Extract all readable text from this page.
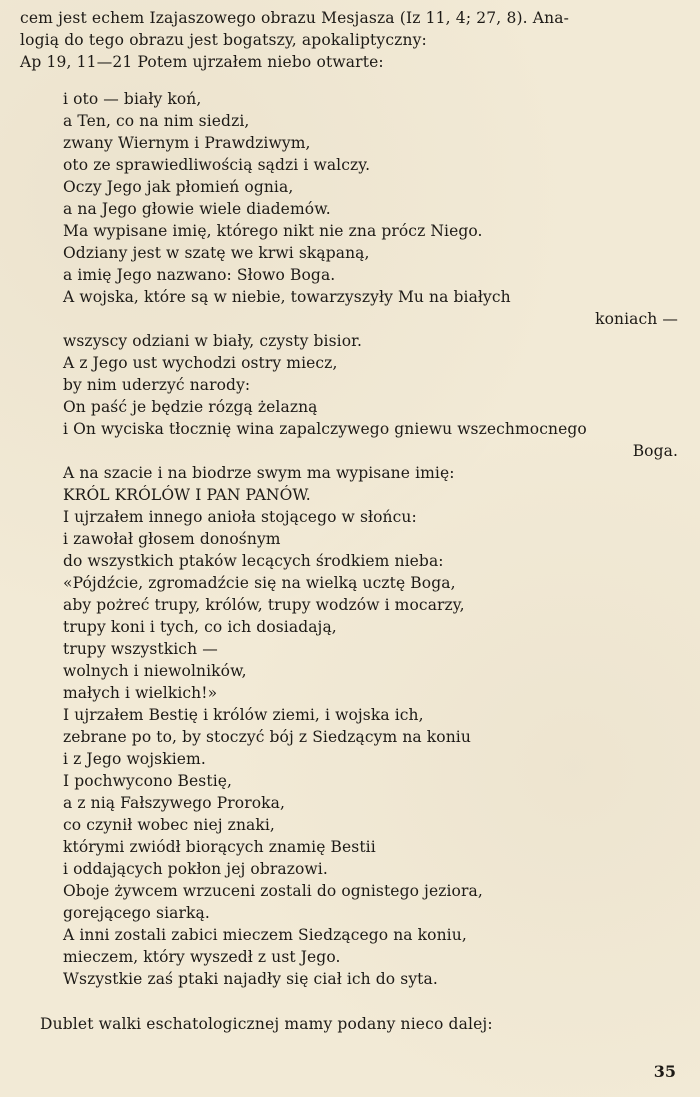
cem jest echem Izajaszowego obrazu Mesjasza (Iz 11, 4; 27, 8). Ana-
logią do tego obrazu jest bogatszy, apokaliptyczny:
Ap 19, 11—21 Potem ujrzałem niebo otwarte:
i oto — biały koń,
a Ten, co na nim siedzi,
zwany Wiernym i Prawdziwym,
oto ze sprawiedliwością sądzi i walczy.
Oczy Jego jak płomień ognia,
a na Jego głowie wiele diademów.
Ma wypisane imię, którego nikt nie zna prócz Niego.
Odziany jest w szatę we krwi skąpaną,
a imię Jego nazwano: Słowo Boga.
A wojska, które są w niebie, towarzyszyły Mu na białych
koniach —
wszyscy odziani w biały, czysty bisior.
A z Jego ust wychodzi ostry miecz,
by nim uderzyć narody:
On paść je będzie rózgą żelazną
i On wyciska tłocznię wina zapalczywego gniewu wszechmocnego
Boga.
A na szacie i na biodrze swym ma wypisane imię:
KRÓL KRÓLÓW I PAN PANÓW.
I ujrzałem innego anioła stojącego w słońcu:
i zawołał głosem donośnym
do wszystkich ptaków lecących środkiem nieba:
«Pójdźcie, zgromadźcie się na wielką ucztę Boga,
aby pożreć trupy, królów, trupy wodzów i mocarzy,
trupy koni i tych, co ich dosiadają,
trupy wszystkich —
wolnych i niewolników,
małych i wielkich!»
I ujrzałem Bestię i królów ziemi, i wojska ich,
zebrane po to, by stoczyć bój z Siedzącym na koniu
i z Jego wojskiem.
I pochwycono Bestię,
a z nią Fałszywego Proroka,
co czynił wobec niej znaki,
którymi zwiódł biorących znamię Bestii
i oddających pokłon jej obrazowi.
Oboje żywcem wrzuceni zostali do ognistego jeziora,
gorejącego siarką.
A inni zostali zabici mieczem Siedzącego na koniu,
mieczem, który wyszedł z ust Jego.
Wszystkie zaś ptaki najadły się ciał ich do syta.
Dublet walki eschatologicznej mamy podany nieco dalej:
35
